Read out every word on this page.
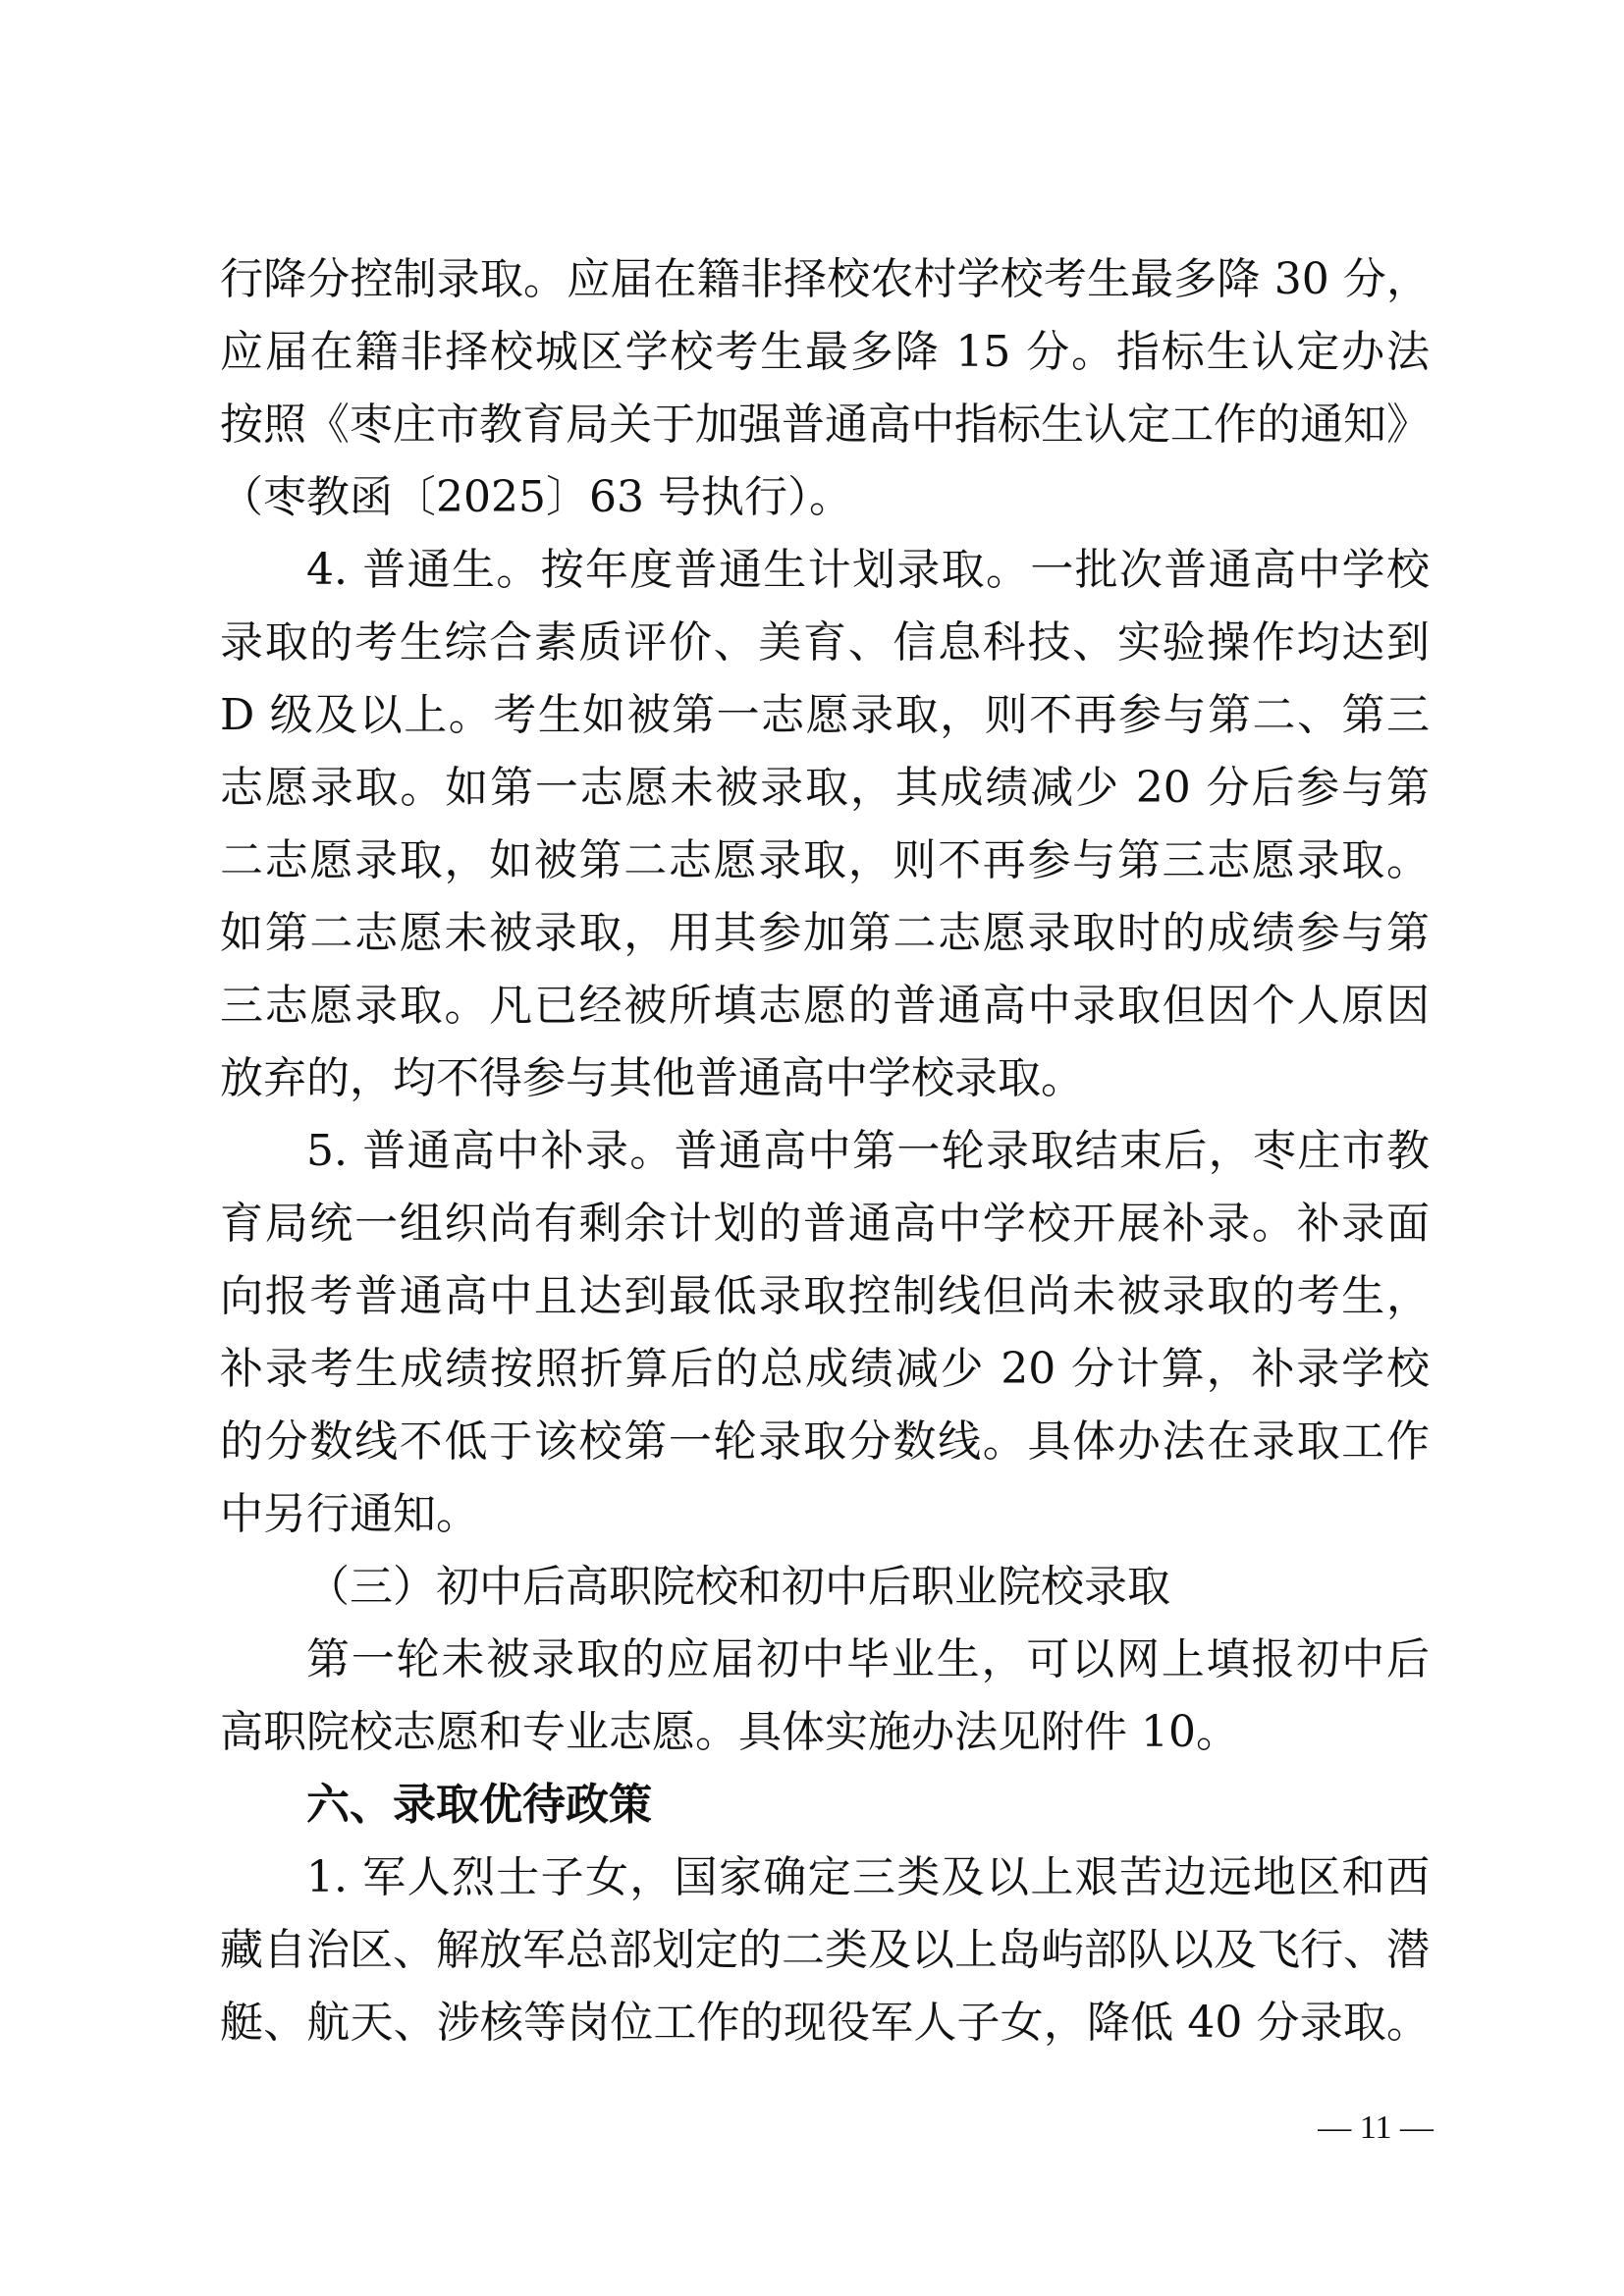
行降分控制录取。应届在籍非择校农村学校考生最多降 30 分，
应届在籍非择校城区学校考生最多降 15 分。指标生认定办法
按照《枣庄市教育局关于加强普通高中指标生认定工作的通知》
（枣教函〔2025〕63 号执行）。
4. 普通生。按年度普通生计划录取。一批次普通高中学校
录取的考生综合素质评价、美育、信息科技、实验操作均达到
D 级及以上。考生如被第一志愿录取，则不再参与第二、第三
志愿录取。如第一志愿未被录取，其成绩减少 20 分后参与第
二志愿录取，如被第二志愿录取，则不再参与第三志愿录取。
如第二志愿未被录取，用其参加第二志愿录取时的成绩参与第
三志愿录取。凡已经被所填志愿的普通高中录取但因个人原因
放弃的，均不得参与其他普通高中学校录取。
5. 普通高中补录。普通高中第一轮录取结束后，枣庄市教
育局统一组织尚有剩余计划的普通高中学校开展补录。补录面
向报考普通高中且达到最低录取控制线但尚未被录取的考生，
补录考生成绩按照折算后的总成绩减少 20 分计算，补录学校
的分数线不低于该校第一轮录取分数线。具体办法在录取工作
中另行通知。
（三）初中后高职院校和初中后职业院校录取
第一轮未被录取的应届初中毕业生，可以网上填报初中后
高职院校志愿和专业志愿。具体实施办法见附件 10。
六、录取优待政策
1. 军人烈士子女，国家确定三类及以上艰苦边远地区和西
藏自治区、解放军总部划定的二类及以上岛屿部队以及飞行、潜
艇、航天、涉核等岗位工作的现役军人子女，降低 40 分录取。
— 11 —
